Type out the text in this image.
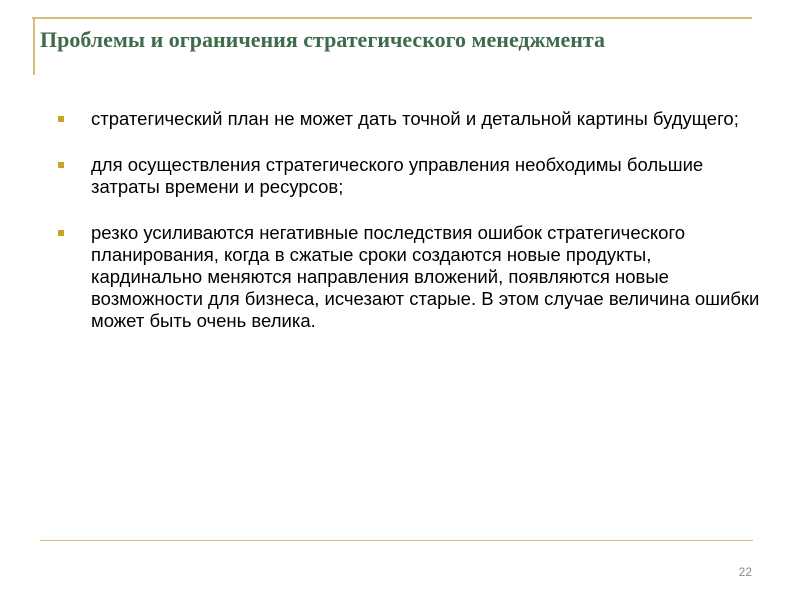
Проблемы и ограничения стратегического менеджмента
стратегический план не может дать точной и детальной картины будущего;
для осуществления стратегического управления необходимы большие затраты времени и ресурсов;
резко усиливаются негативные последствия ошибок стратегического планирования, когда в сжатые сроки создаются новые продукты, кардинально меняются направления вложений, появляются новые возможности для бизнеса, исчезают старые. В этом случае величина ошибки может быть очень велика.
22
